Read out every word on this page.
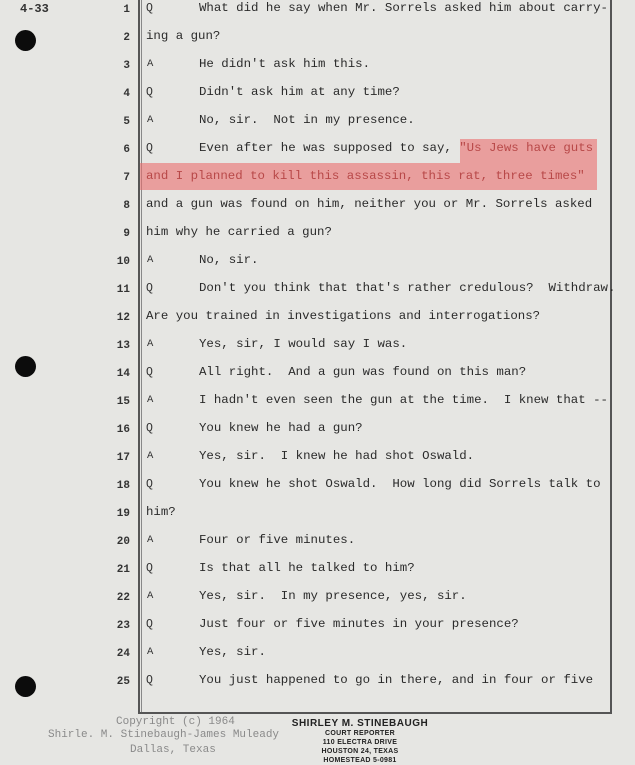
4-33	1 Q	What did he say when Mr. Sorrels asked him about carry-
2 ing a gun?
3 A	He didn't ask him this.
4 Q	Didn't ask him at any time?
5 A	No, sir.  Not in my presence.
6 Q	Even after he was supposed to say, "Us Jews have guts
7 and I planned to kill this assassin, this rat, three times"
8 and a gun was found on him, neither you or Mr. Sorrels asked
9 him why he carried a gun?
10 A	No, sir.
11 Q	Don't you think that that's rather credulous?  Withdraw.
12 Are you trained in investigations and interrogations?
13 A	Yes, sir, I would say I was.
14 Q	All right.  And a gun was found on this man?
15 A	I hadn't even seen the gun at the time.  I knew that --
16 Q	You knew he had a gun?
17 A	Yes, sir.  I knew he had shot Oswald.
18 Q	You knew he shot Oswald.  How long did Sorrels talk to
19 him?
20 A	Four or five minutes.
21 Q	Is that all he talked to him?
22 A	Yes, sir.  In my presence, yes, sir.
23 Q	Just four or five minutes in your presence?
24 A	Yes, sir.
25 Q	You just happened to go in there, and in four or five
Copyright (c) 1964
Shirle. M. Stinebaugh-James Muleady
Dallas, Texas
SHIRLEY M. STINEBAUGH
COURT REPORTER
110 ELECTRA DRIVE
HOUSTON 24, TEXAS
HOMESTEAD 5-0981
